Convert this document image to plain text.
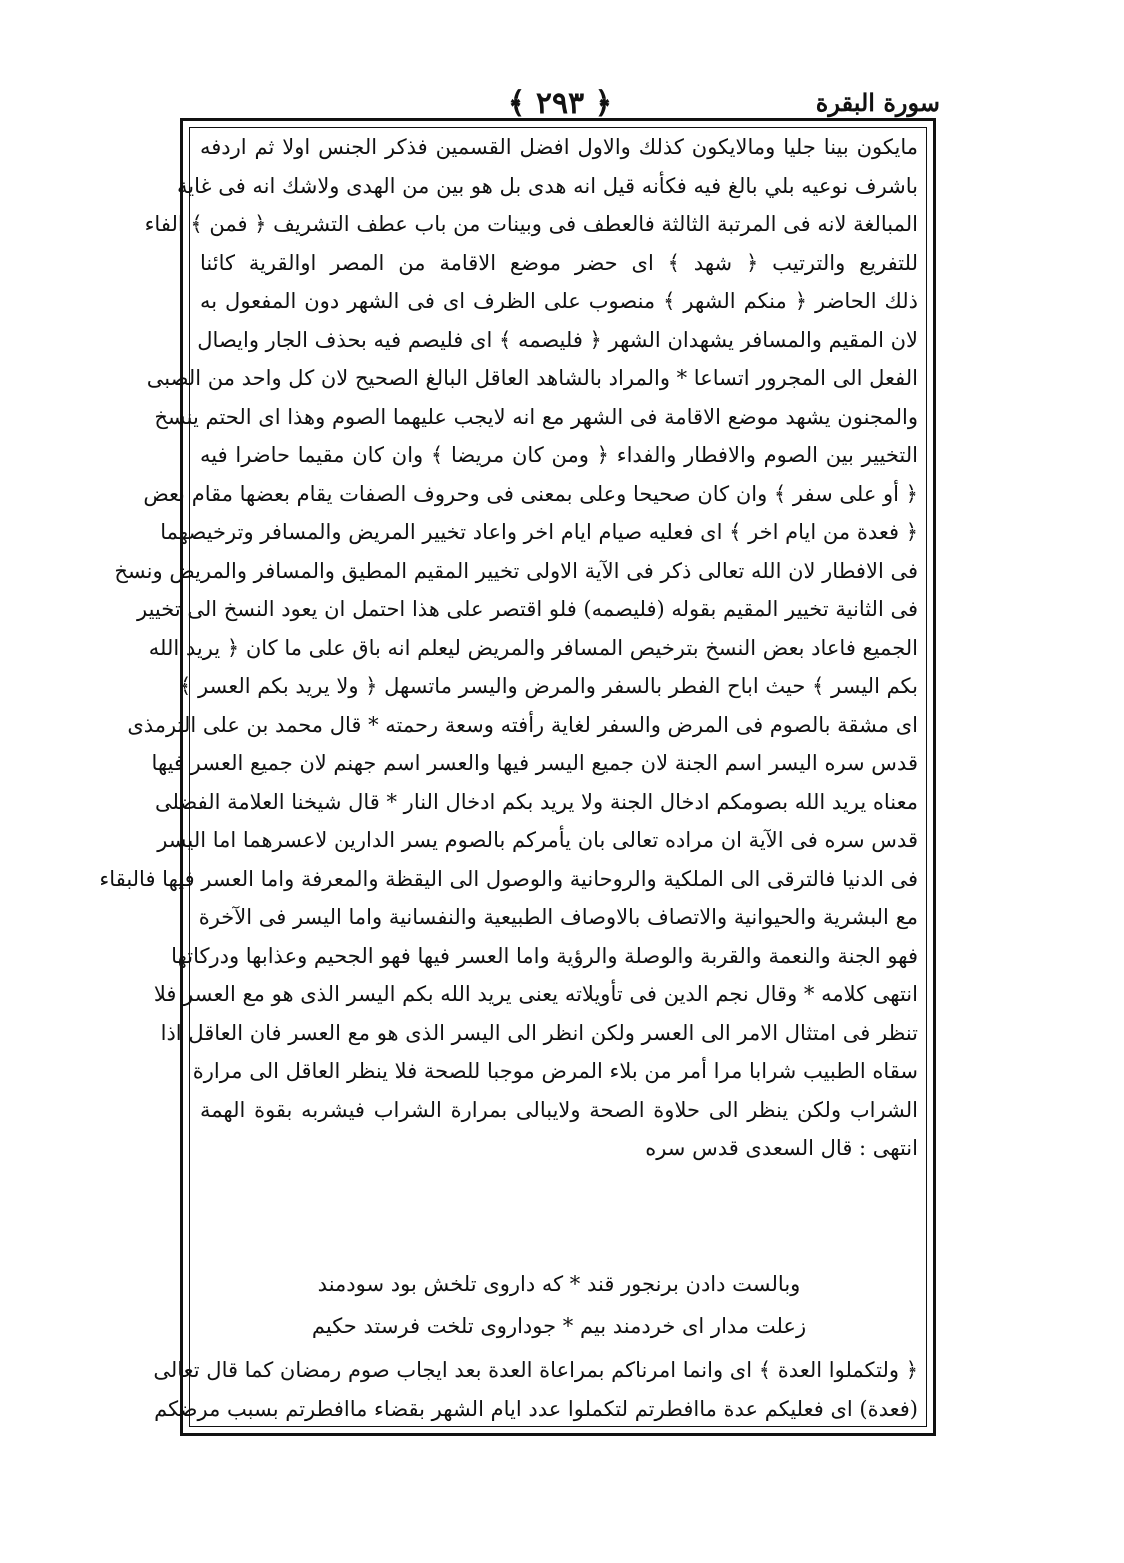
﴾ ٢٩٣ ﴿	سورة البقرة
مايكون بينا جليا ومالايكون كذلك والاول افضل القسمين فذكر الجنس اولا ثم اردفه
باشرف نوعيه بلي بالغ فيه فكأنه قيل انه هدى بل هو بين من الهدى ولاشك انه فى غاية
المبالغة لانه فى المرتبة الثالثة فالعطف فى وبينات من باب عطف التشريف ﴿ فمن ﴾ الفاء
للتفريع والترتيب ﴿ شهد ﴾ اى حضر موضع الاقامة من المصر اوالقرية كائنا
ذلك الحاضر ﴿ منكم الشهر ﴾ منصوب على الظرف اى فى الشهر دون المفعول به
لان المقيم والمسافر يشهدان الشهر ﴿ فليصمه ﴾ اى فليصم فيه بحذف الجار وايصال
الفعل الى المجرور اتساعا * والمراد بالشاهد العاقل البالغ الصحيح لان كل واحد من الصبى
والمجنون يشهد موضع الاقامة فى الشهر مع انه لايجب عليهما الصوم وهذا اى الحتم ينسخ
التخيير بين الصوم والافطار والفداء ﴿ ومن كان مريضا ﴾ وان كان مقيما حاضرا فيه
﴿ أو على سفر ﴾ وان كان صحيحا وعلى بمعنى فى وحروف الصفات يقام بعضها مقام بعض
﴿ فعدة من ايام اخر ﴾ اى فعليه صيام ايام اخر واعاد تخيير المريض والمسافر وترخيصهما
فى الافطار لان الله تعالى ذكر فى الآية الاولى تخيير المقيم المطيق والمسافر والمريض ونسخ
فى الثانية تخيير المقيم بقوله (فليصمه) فلو اقتصر على هذا احتمل ان يعود النسخ الى تخيير
الجميع فاعاد بعض النسخ بترخيص المسافر والمريض ليعلم انه باق على ما كان ﴿ يريد الله
بكم اليسر ﴾ حيث اباح الفطر بالسفر والمرض واليسر ماتسهل ﴿ ولا يريد بكم العسر ﴾
اى مشقة بالصوم فى المرض والسفر لغاية رأفته وسعة رحمته * قال محمد بن على الترمذى
قدس سره اليسر اسم الجنة لان جميع اليسر فيها والعسر اسم جهنم لان جميع العسر فيها
معناه يريد الله بصومكم ادخال الجنة ولا يريد بكم ادخال النار * قال شيخنا العلامة الفضلى
قدس سره فى الآية ان مراده تعالى بان يأمركم بالصوم يسر الدارين لاعسرهما اما اليسر
فى الدنيا فالترقى الى الملكية والروحانية والوصول الى اليقظة والمعرفة واما العسر فيها فالبقاء
مع البشرية والحيوانية والاتصاف بالاوصاف الطبيعية والنفسانية واما اليسر فى الآخرة
فهو الجنة والنعمة والقربة والوصلة والرؤية واما العسر فيها فهو الجحيم وعذابها ودركاتها
انتهى كلامه * وقال نجم الدين فى تأويلاته يعنى يريد الله بكم اليسر الذى هو مع العسر فلا
تنظر فى امتثال الامر الى العسر ولكن انظر الى اليسر الذى هو مع العسر فان العاقل اذا
سقاه الطبيب شرابا مرا أمر من بلاء المرض موجبا للصحة فلا ينظر العاقل الى مرارة
الشراب ولكن ينظر الى حلاوة الصحة ولايبالى بمرارة الشراب فيشربه بقوة الهمة
انتهى : قال السعدى قدس سره
وبالست دادن برنجور قند * كه داروى تلخش بود سودمند
زعلت مدار اى خردمند بيم * جوداروى تلخت فرستد حكيم
﴿ ولتكملوا العدة ﴾ اى وانما امرناكم بمراعاة العدة بعد ايجاب صوم رمضان كما قال تعالى
(فعدة) اى فعليكم عدة ماافطرتم لتكملوا عدد ايام الشهر بقضاء ماافطرتم بسبب مرضكم
